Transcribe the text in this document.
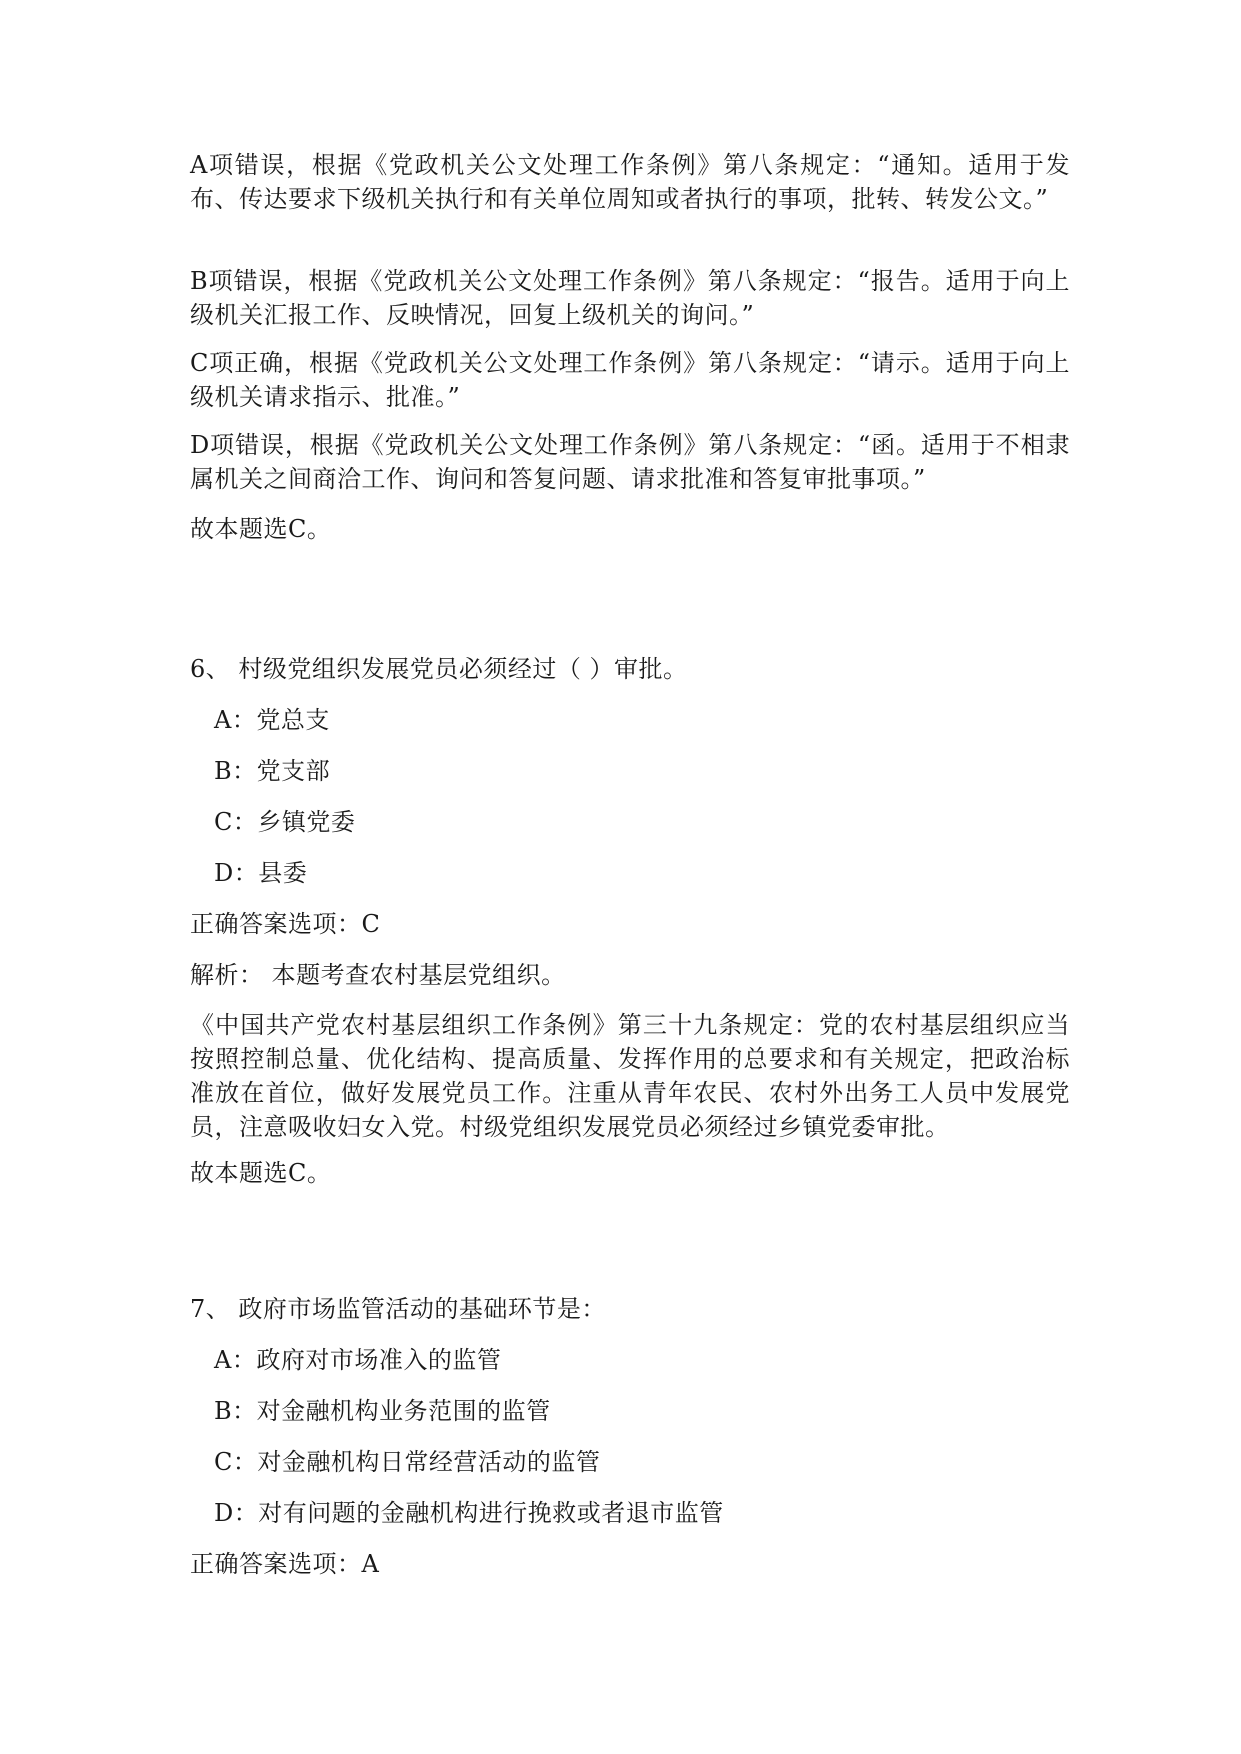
A项错误，根据《党政机关公文处理工作条例》第八条规定：“通知。适用于发布、传达要求下级机关执行和有关单位周知或者执行的事项，批转、转发公文。”
B项错误，根据《党政机关公文处理工作条例》第八条规定：“报告。适用于向上级机关汇报工作、反映情况，回复上级机关的询问。”
C项正确，根据《党政机关公文处理工作条例》第八条规定：“请示。适用于向上级机关请求指示、批准。”
D项错误，根据《党政机关公文处理工作条例》第八条规定：“函。适用于不相隶属机关之间商洽工作、询问和答复问题、请求批准和答复审批事项。”
故本题选C。
6、 村级党组织发展党员必须经过（ ）审批。
A：党总支
B：党支部
C：乡镇党委
D：县委
正确答案选项：C
解析： 本题考查农村基层党组织。
《中国共产党农村基层组织工作条例》第三十九条规定：党的农村基层组织应当按照控制总量、优化结构、提高质量、发挥作用的总要求和有关规定，把政治标准放在首位，做好发展党员工作。注重从青年农民、农村外出务工人员中发展党员，注意吸收妇女入党。村级党组织发展党员必须经过乡镇党委审批。
故本题选C。
7、 政府市场监管活动的基础环节是：
A：政府对市场准入的监管
B：对金融机构业务范围的监管
C：对金融机构日常经营活动的监管
D：对有问题的金融机构进行挽救或者退市监管
正确答案选项：A
